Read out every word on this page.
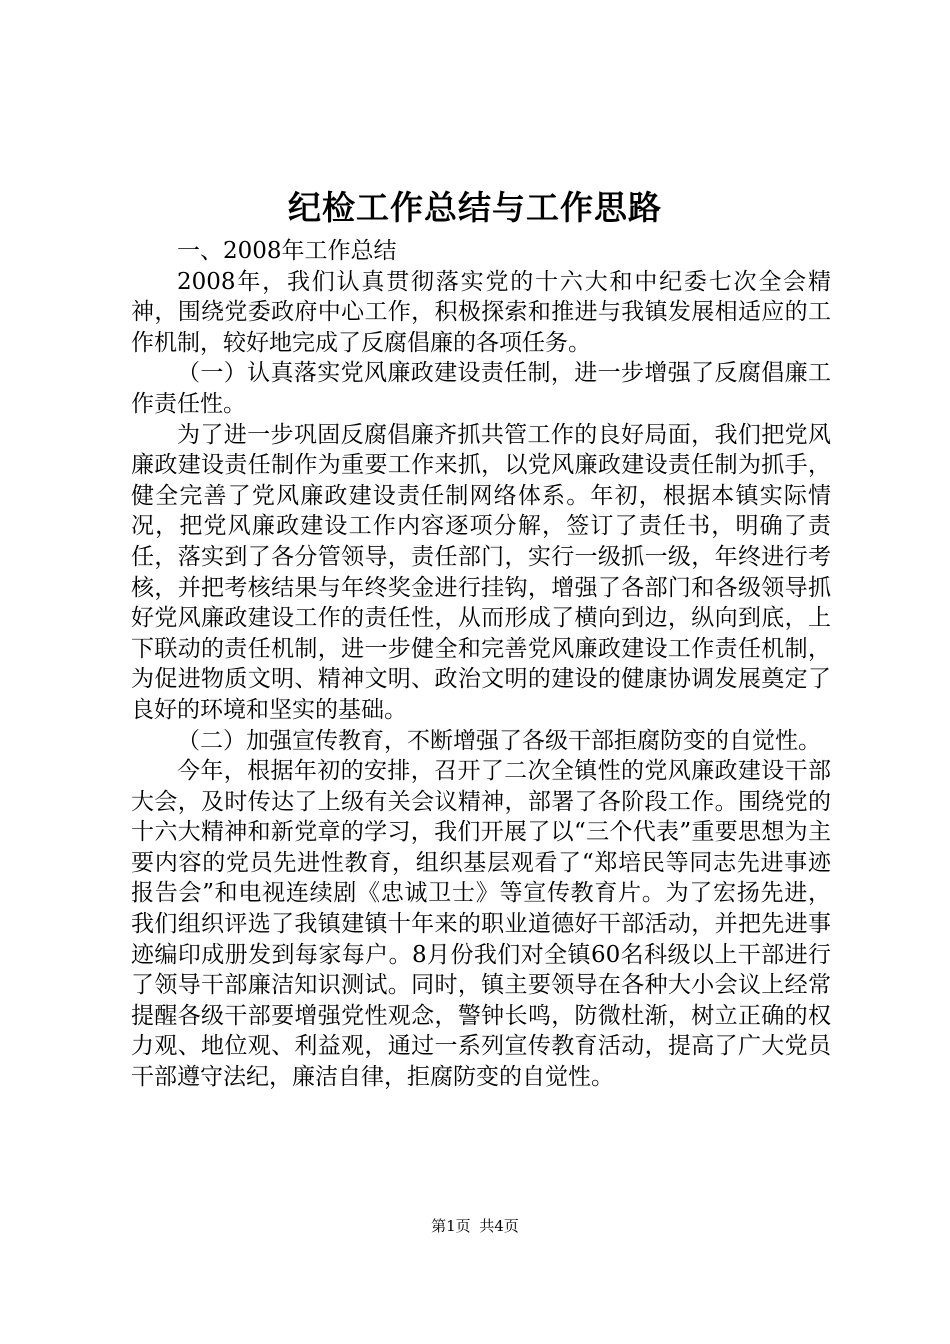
纪检工作总结与工作思路

一、2008年工作总结

2008年，我们认真贯彻落实党的十六大和中纪委七次全会精神，围绕党委政府中心工作，积极探索和推进与我镇发展相适应的工作机制，较好地完成了反腐倡廉的各项任务。

（一）认真落实党风廉政建设责任制，进一步增强了反腐倡廉工作责任性。

为了进一步巩固反腐倡廉齐抓共管工作的良好局面，我们把党风廉政建设责任制作为重要工作来抓，以党风廉政建设责任制为抓手，健全完善了党风廉政建设责任制网络体系。年初，根据本镇实际情况，把党风廉政建设工作内容逐项分解，签订了责任书，明确了责任，落实到了各分管领导，责任部门，实行一级抓一级，年终进行考核，并把考核结果与年终奖金进行挂钩，增强了各部门和各级领导抓好党风廉政建设工作的责任性，从而形成了横向到边，纵向到底，上下联动的责任机制，进一步健全和完善党风廉政建设工作责任机制，为促进物质文明、精神文明、政治文明的建设的健康协调发展奠定了良好的环境和坚实的基础。

（二）加强宣传教育，不断增强了各级干部拒腐防变的自觉性。

今年，根据年初的安排，召开了二次全镇性的党风廉政建设干部大会，及时传达了上级有关会议精神，部署了各阶段工作。围绕党的十六大精神和新党章的学习，我们开展了以“三个代表”重要思想为主要内容的党员先进性教育，组织基层观看了“郑培民等同志先进事迹报告会”和电视连续剧《忠诚卫士》等宣传教育片。为了宏扬先进，我们组织评选了我镇建镇十年来的职业道德好干部活动，并把先进事迹编印成册发到每家每户。8月份我们对全镇60名科级以上干部进行了领导干部廉洁知识测试。同时，镇主要领导在各种大小会议上经常提醒各级干部要增强党性观念，警钟长鸣，防微杜渐，树立正确的权力观、地位观、利益观，通过一系列宣传教育活动，提高了广大党员干部遵守法纪，廉洁自律，拒腐防变的自觉性。

第1页 共4页
